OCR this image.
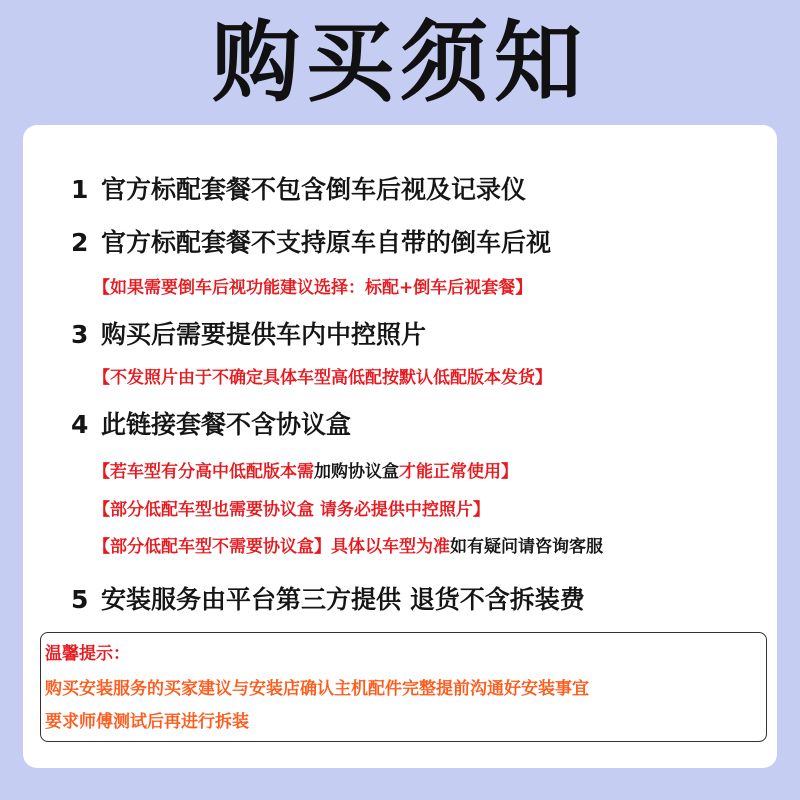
购买须知
1 官方标配套餐不包含倒车后视及记录仪
2 官方标配套餐不支持原车自带的倒车后视
【如果需要倒车后视功能建议选择：标配+倒车后视套餐】
3 购买后需要提供车内中控照片
【不发照片由于不确定具体车型高低配按默认低配版本发货】
4 此链接套餐不含协议盒
【若车型有分高中低配版本需加购协议盒才能正常使用】
【部分低配车型也需要协议盒 请务必提供中控照片】
【部分低配车型不需要协议盒】具体以车型为准如有疑问请咨询客服
5 安装服务由平台第三方提供 退货不含拆装费
温馨提示：
购买安装服务的买家建议与安装店确认主机配件完整提前沟通好安装事宜
要求师傅测试后再进行拆装
